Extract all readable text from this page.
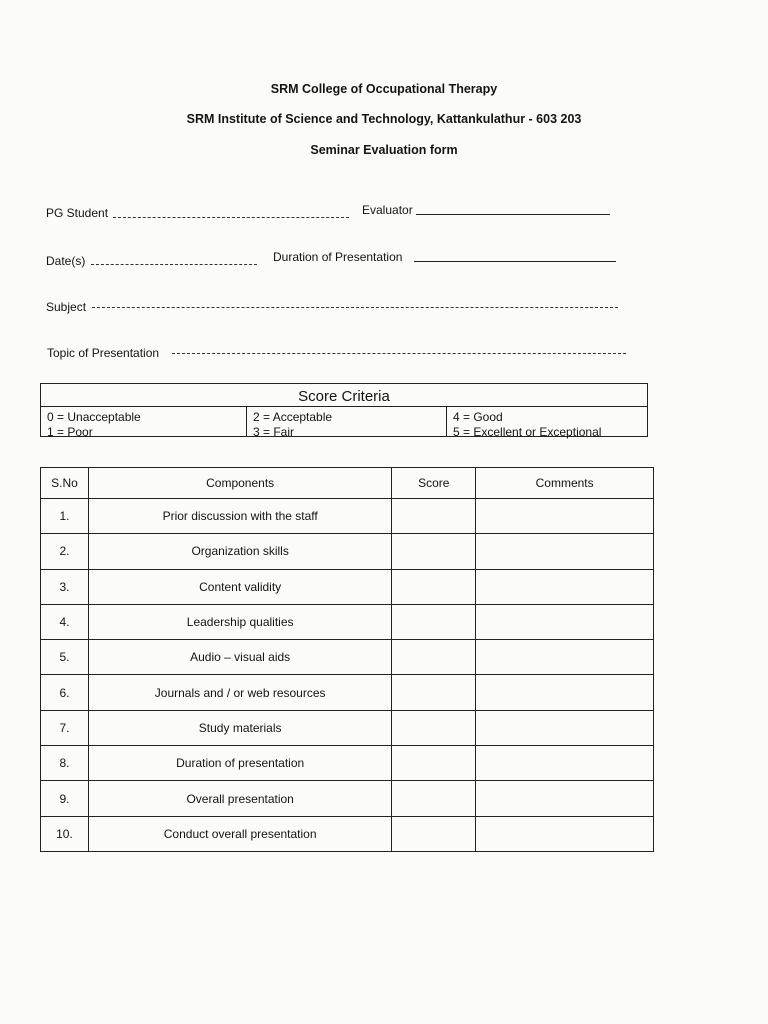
SRM College of Occupational Therapy
SRM Institute of Science and Technology, Kattankulathur - 603 203
Seminar Evaluation form
PG Student	Evaluator
Date(s)	Duration of Presentation
Subject
Topic of Presentation
Score Criteria
0 = Unacceptable
1 = Poor
2 = Acceptable
3 = Fair
4 = Good
5 = Excellent or Exceptional
S.No	Components	Score	Comments
1.	Prior discussion with the staff		
2.	Organization skills		
3.	Content validity		
4.	Leadership qualities		
5.	Audio – visual aids		
6.	Journals and / or web resources		
7.	Study materials		
8.	Duration of presentation		
9.	Overall presentation		
10.	Conduct overall presentation		
